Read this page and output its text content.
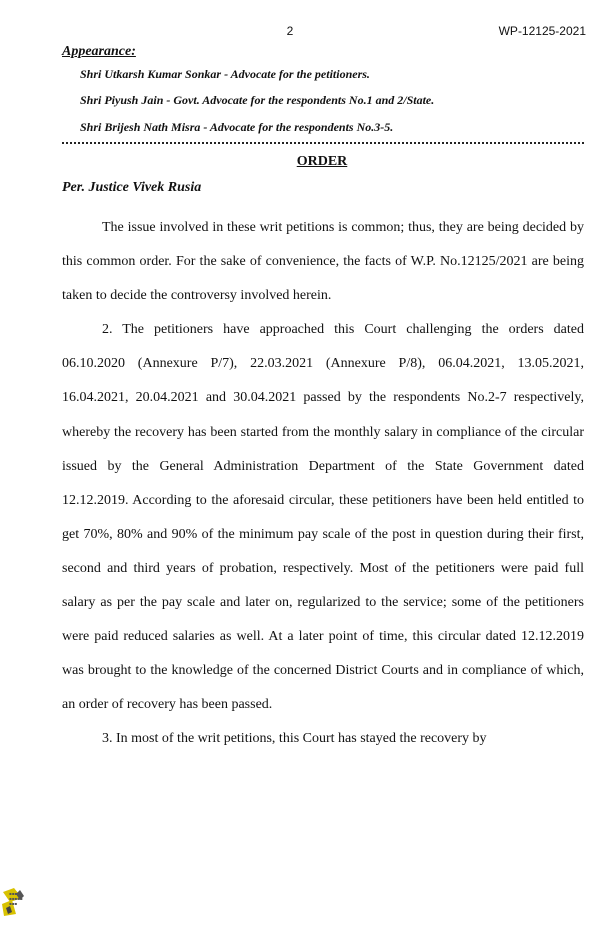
2	WP-12125-2021
Appearance:
Shri Utkarsh Kumar Sonkar - Advocate for the petitioners.
Shri Piyush Jain - Govt. Advocate for the respondents No.1 and 2/State.
Shri Brijesh Nath Misra - Advocate for the respondents No.3-5.
ORDER
Per. Justice Vivek Rusia

The issue involved in these writ petitions is common; thus, they are being decided by this common order. For the sake of convenience, the facts of W.P. No.12125/2021 are being taken to decide the controversy involved herein.

2. The petitioners have approached this Court challenging the orders dated 06.10.2020 (Annexure P/7), 22.03.2021 (Annexure P/8), 06.04.2021, 13.05.2021, 16.04.2021, 20.04.2021 and 30.04.2021 passed by the respondents No.2-7 respectively, whereby the recovery has been started from the monthly salary in compliance of the circular issued by the General Administration Department of the State Government dated 12.12.2019. According to the aforesaid circular, these petitioners have been held entitled to get 70%, 80% and 90% of the minimum pay scale of the post in question during their first, second and third years of probation, respectively. Most of the petitioners were paid full salary as per the pay scale and later on, regularized to the service; some of the petitioners were paid reduced salaries as well. At a later point of time, this circular dated 12.12.2019 was brought to the knowledge of the concerned District Courts and in compliance of which, an order of recovery has been passed.

3. In most of the writ petitions, this Court has stayed the recovery by

▪▪▪▪
▪▪▪▪▪
▪▪▪
